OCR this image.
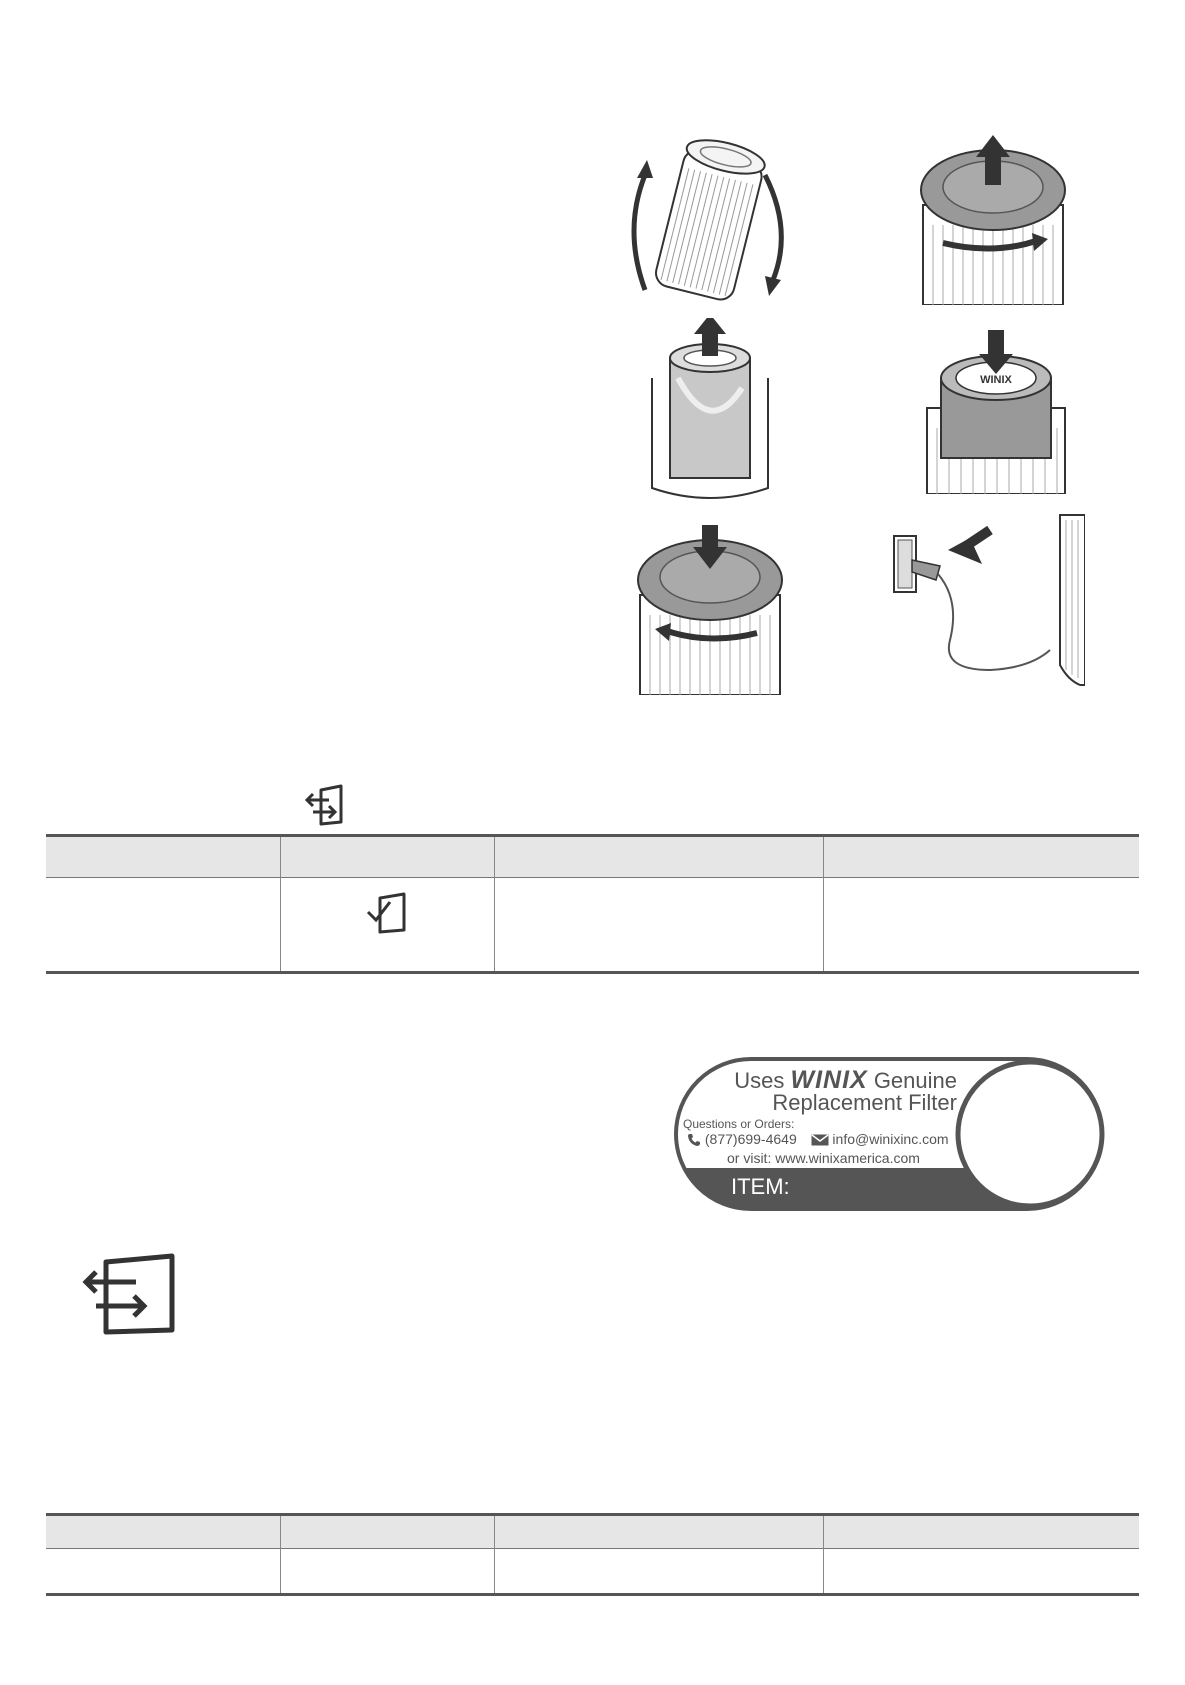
WINIX
Uses WINIX Genuine
Replacement Filter
Questions or Orders:
(877)699-4649	info@winixinc.com
or visit: www.winixamerica.com
ITEM:
